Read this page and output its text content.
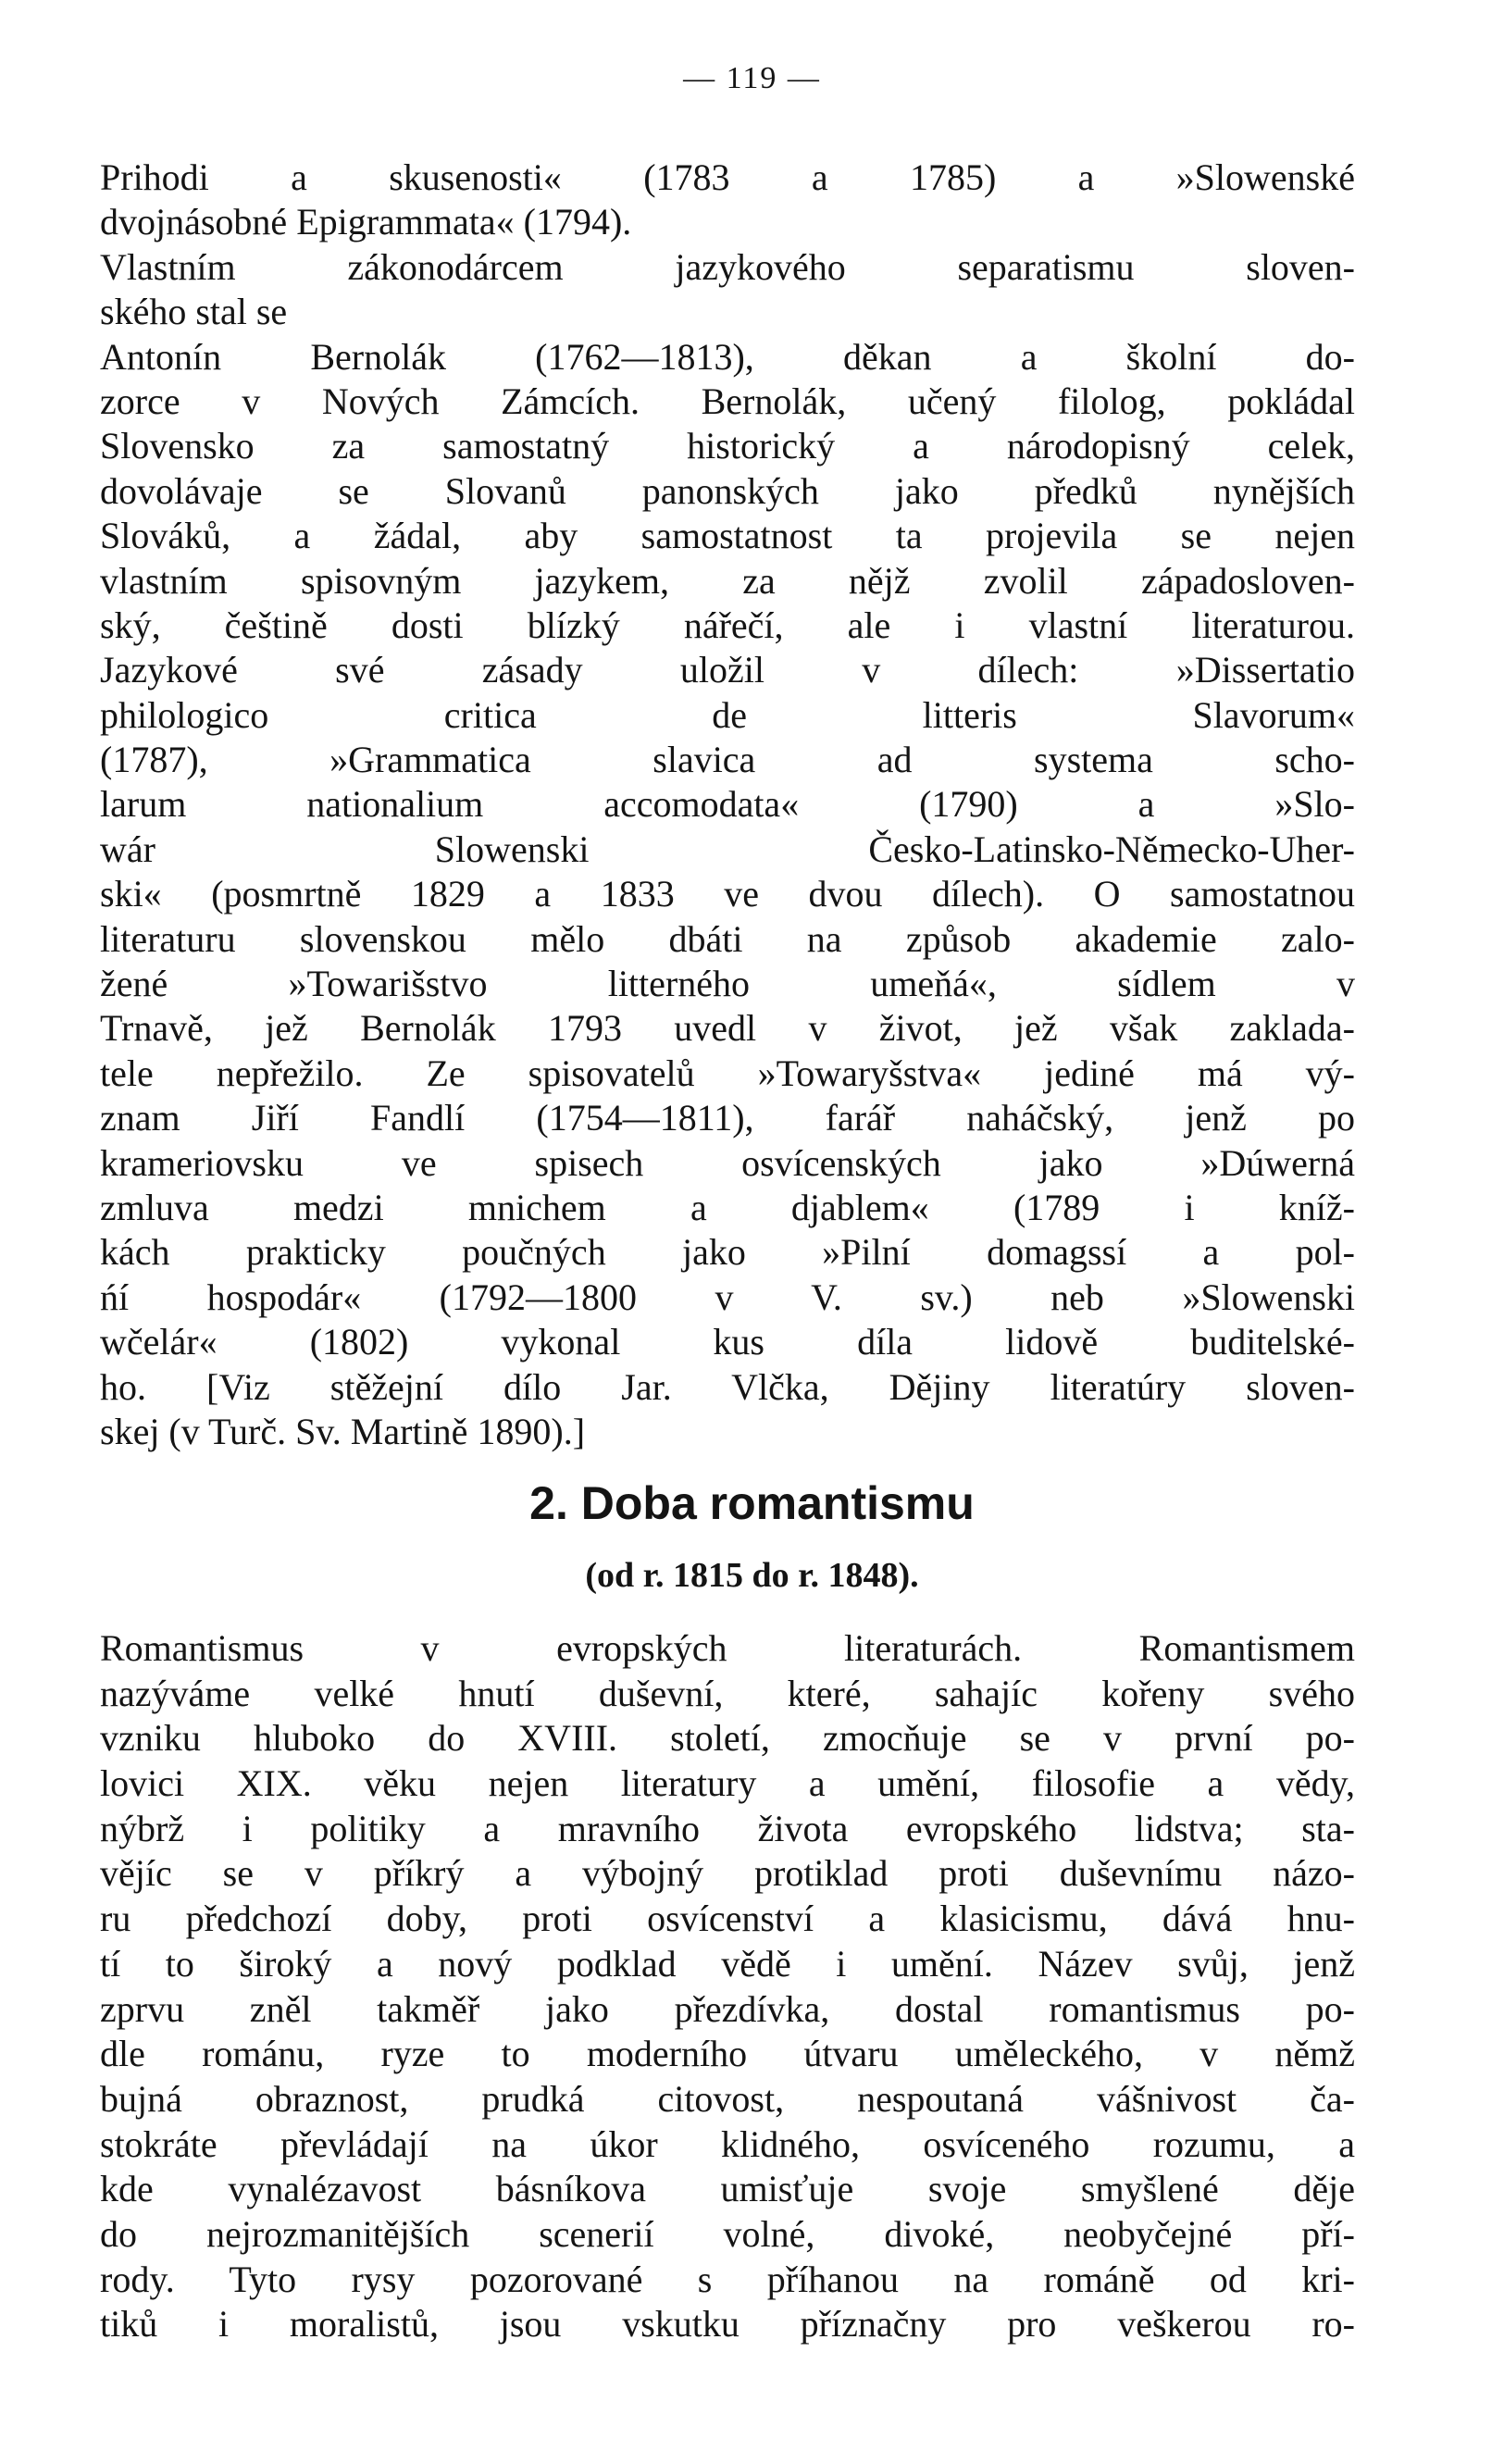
— 119 —
Prihodi a skusenosti« (1783 a 1785) a »Slowenské
dvojnásobné Epigrammata« (1794).
Vlastním zákonodárcem jazykového separatismu sloven-
ského stal se
Antonín Bernolák (1762—1813), děkan a školní do-
zorce v Nových Zámcích. Bernolák, učený filolog, pokládal
Slovensko za samostatný historický a národopisný celek,
dovolávaje se Slovanů panonských jako předků nynějších
Slováků, a žádal, aby samostatnost ta projevila se nejen
vlastním spisovným jazykem, za nějž zvolil západosloven-
ský, češtině dosti blízký nářečí, ale i vlastní literaturou.
Jazykové své zásady uložil v dílech: »Dissertatio
philologico critica de litteris Slavorum«
(1787), »Grammatica slavica ad systema scho-
larum nationalium accomodata« (1790) a »Slo-
wár Slowenski Česko-Latinsko-Německo-Uher-
ski« (posmrtně 1829 a 1833 ve dvou dílech). O samostatnou
literaturu slovenskou mělo dbáti na způsob akademie zalo-
žené »Towarišstvo litterného umeňá«, sídlem v
Trnavě, jež Bernolák 1793 uvedl v život, jež však zaklada-
tele nepřežilo. Ze spisovatelů »Towaryšstva« jediné má vý-
znam Jiří Fandlí (1754—1811), farář naháčský, jenž po
krameriovsku ve spisech osvícenských jako »Dúwerná
zmluva medzi mnichem a djablem« (1789 i kníž-
kách prakticky poučných jako »Pilní domagssí a pol-
ńí hospodár« (1792—1800 v V. sv.) neb »Slowenski
wčelár« (1802) vykonal kus díla lidově buditelské-
ho. [Viz stěžejní dílo Jar. Vlčka, Dějiny literatúry sloven-
skej (v Turč. Sv. Martině 1890).]
2. Doba romantismu
(od r. 1815 do r. 1848).
Romantismus v evropských literaturách. Romantismem
nazýváme velké hnutí duševní, které, sahajíc kořeny svého
vzniku hluboko do XVIII. století, zmocňuje se v první po-
lovici XIX. věku nejen literatury a umění, filosofie a vědy,
nýbrž i politiky a mravního života evropského lidstva; sta-
vějíc se v příkrý a výbojný protiklad proti duševnímu názo-
ru předchozí doby, proti osvícenství a klasicismu, dává hnu-
tí to široký a nový podklad vědě i umění. Název svůj, jenž
zprvu zněl takměř jako přezdívka, dostal romantismus po-
dle románu, ryze to moderního útvaru uměleckého, v němž
bujná obraznost, prudká citovost, nespoutaná vášnivost ča-
stokráte převládají na úkor klidného, osvíceného rozumu, a
kde vynalézavost básníkova umisťuje svoje smyšlené děje
do nejrozmanitějších scenerií volné, divoké, neobyčejné pří-
rody. Tyto rysy pozorované s příhanou na románě od kri-
tiků i moralistů, jsou vskutku příznačny pro veškerou ro-
